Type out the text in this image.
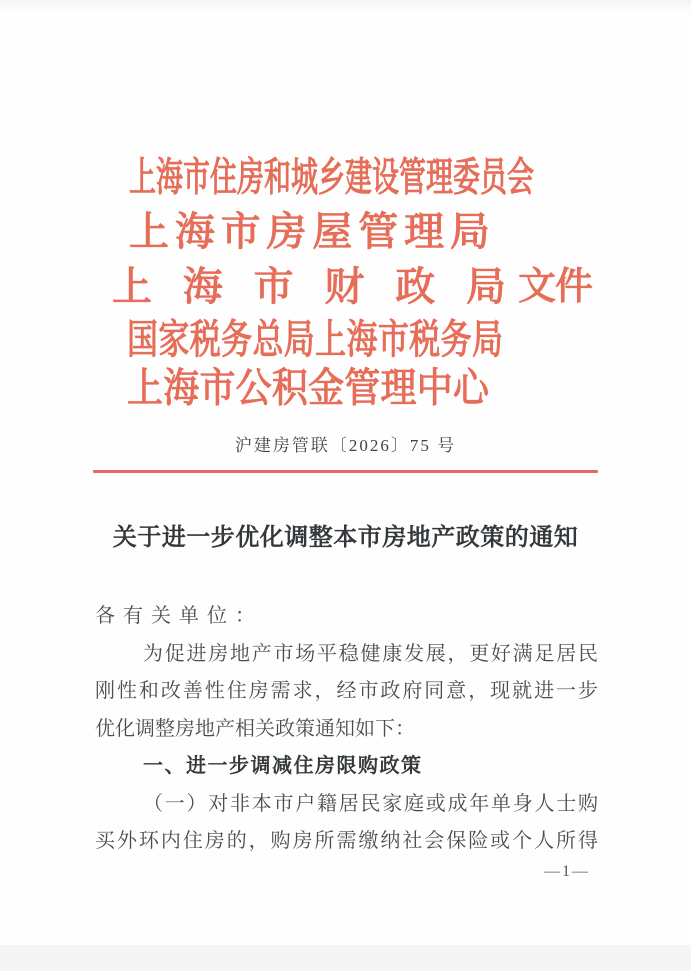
上 海 市 住 房 和 城 乡 建 设 管 理 委 员 会
上 海 市 房 屋 管 理 局
上 海 市 财 政 局 文件
国 家 税 务 总 局 上 海 市 税 务 局
上 海 市 公 积 金 管 理 中 心
沪建房管联〔2026〕75 号
关于进一步优化调整本市房地产政策的通知

各有关单位：

为 促 进 房 地 产 市 场 平 稳 健 康 发 展 ， 更 好 满 足 居 民

刚 性 和 改 善 性 住 房 需 求 ， 经 市 政 府 同 意 ， 现 就 进 一 步

优化调整房地产相关政策通知如下：

一、进一步调减住房限购政策

（ 一 ） 对 非 本 市 户 籍 居 民 家 庭 或 成 年 单 身 人 士 购

买 外 环 内 住 房 的 ， 购 房 所 需 缴 纳 社 会 保 险 或 个 人 所 得

—1—
